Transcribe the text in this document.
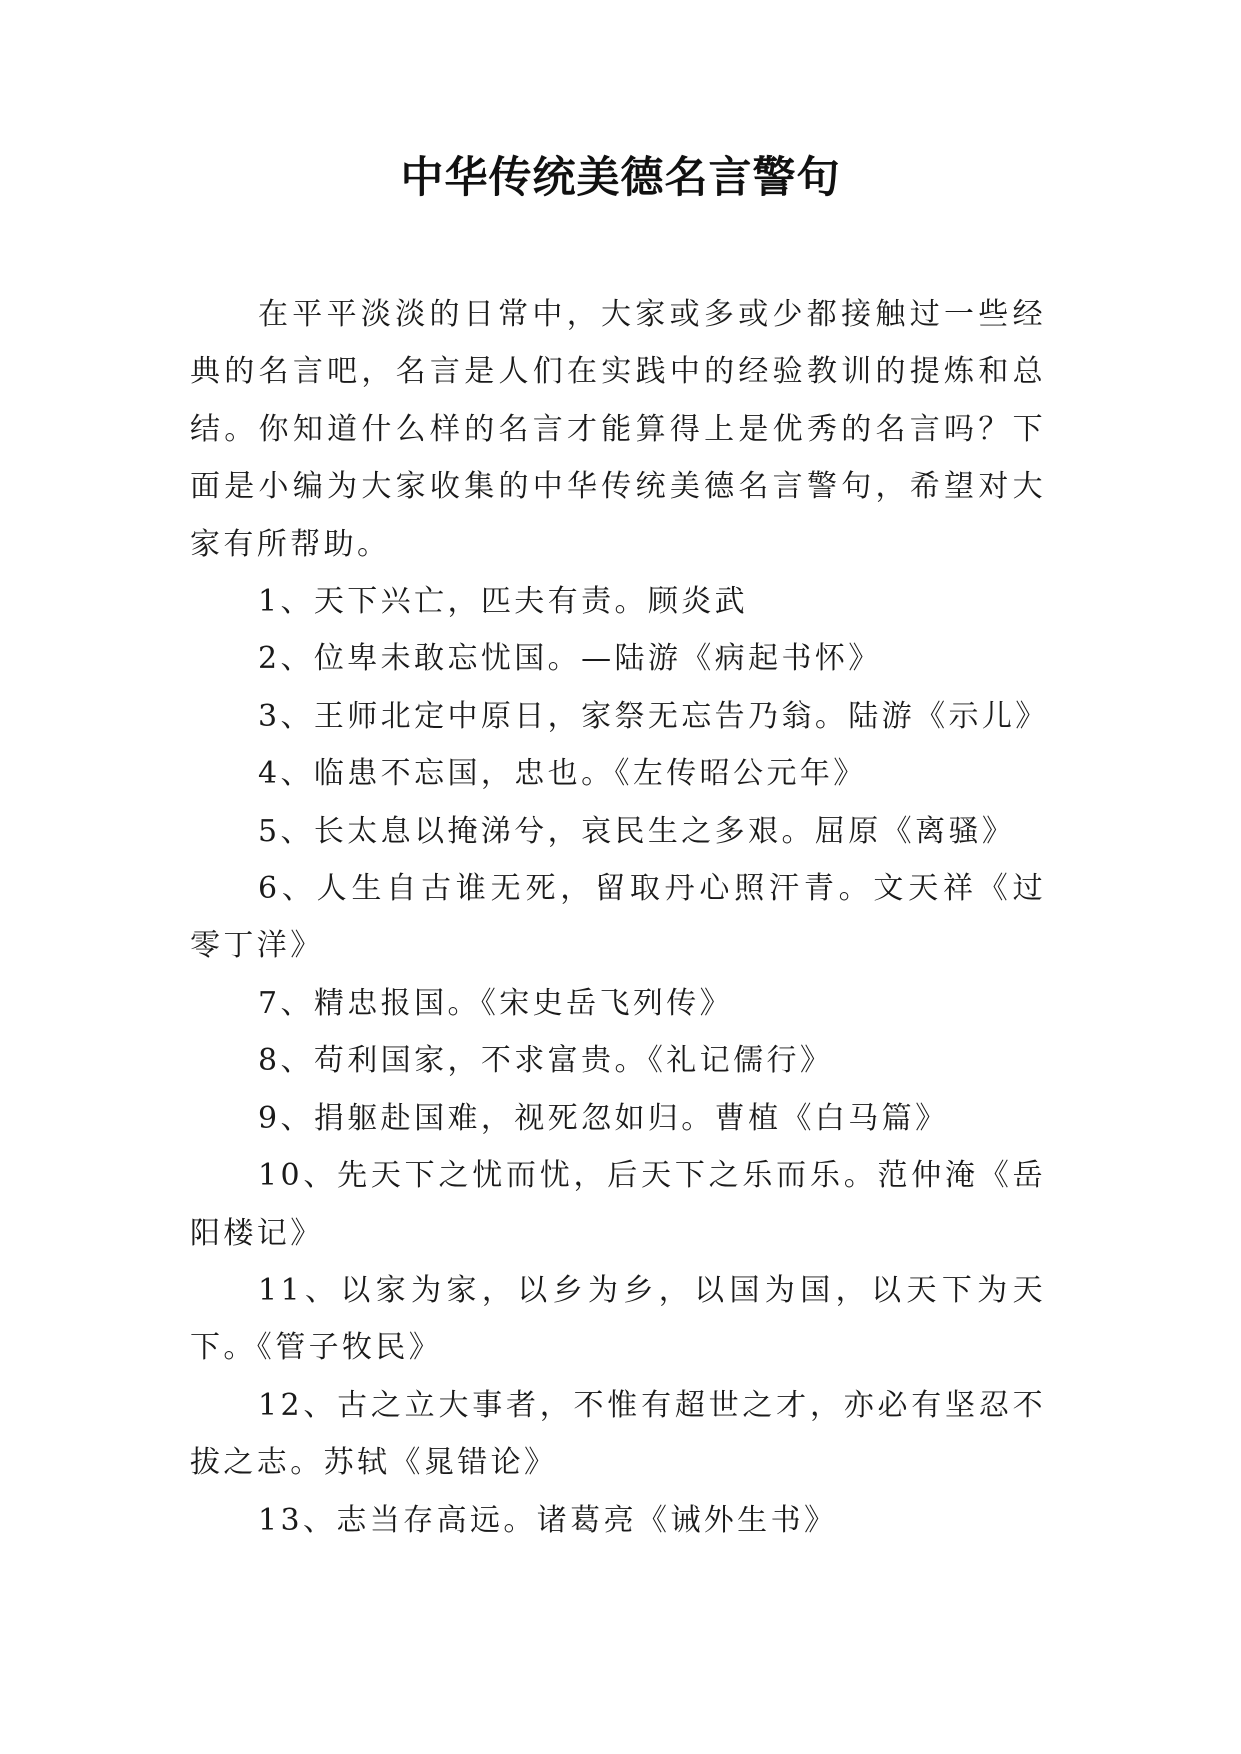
中华传统美德名言警句

在平平淡淡的日常中，大家或多或少都接触过一些经典的名言吧，名言是人们在实践中的经验教训的提炼和总结。你知道什么样的名言才能算得上是优秀的名言吗？下面是小编为大家收集的中华传统美德名言警句，希望对大家有所帮助。

1、天下兴亡，匹夫有责。顾炎武

2、位卑未敢忘忧国。—陆游《病起书怀》

3、王师北定中原日，家祭无忘告乃翁。陆游《示儿》

4、临患不忘国，忠也。《左传昭公元年》

5、长太息以掩涕兮，哀民生之多艰。屈原《离骚》

6、人生自古谁无死，留取丹心照汗青。文天祥《过零丁洋》

7、精忠报国。《宋史岳飞列传》

8、苟利国家，不求富贵。《礼记儒行》

9、捐躯赴国难，视死忽如归。曹植《白马篇》

10、先天下之忧而忧，后天下之乐而乐。范仲淹《岳阳楼记》

11、以家为家，以乡为乡，以国为国，以天下为天下。《管子牧民》

12、古之立大事者，不惟有超世之才，亦必有坚忍不拔之志。苏轼《晁错论》

13、志当存高远。诸葛亮《诫外生书》
